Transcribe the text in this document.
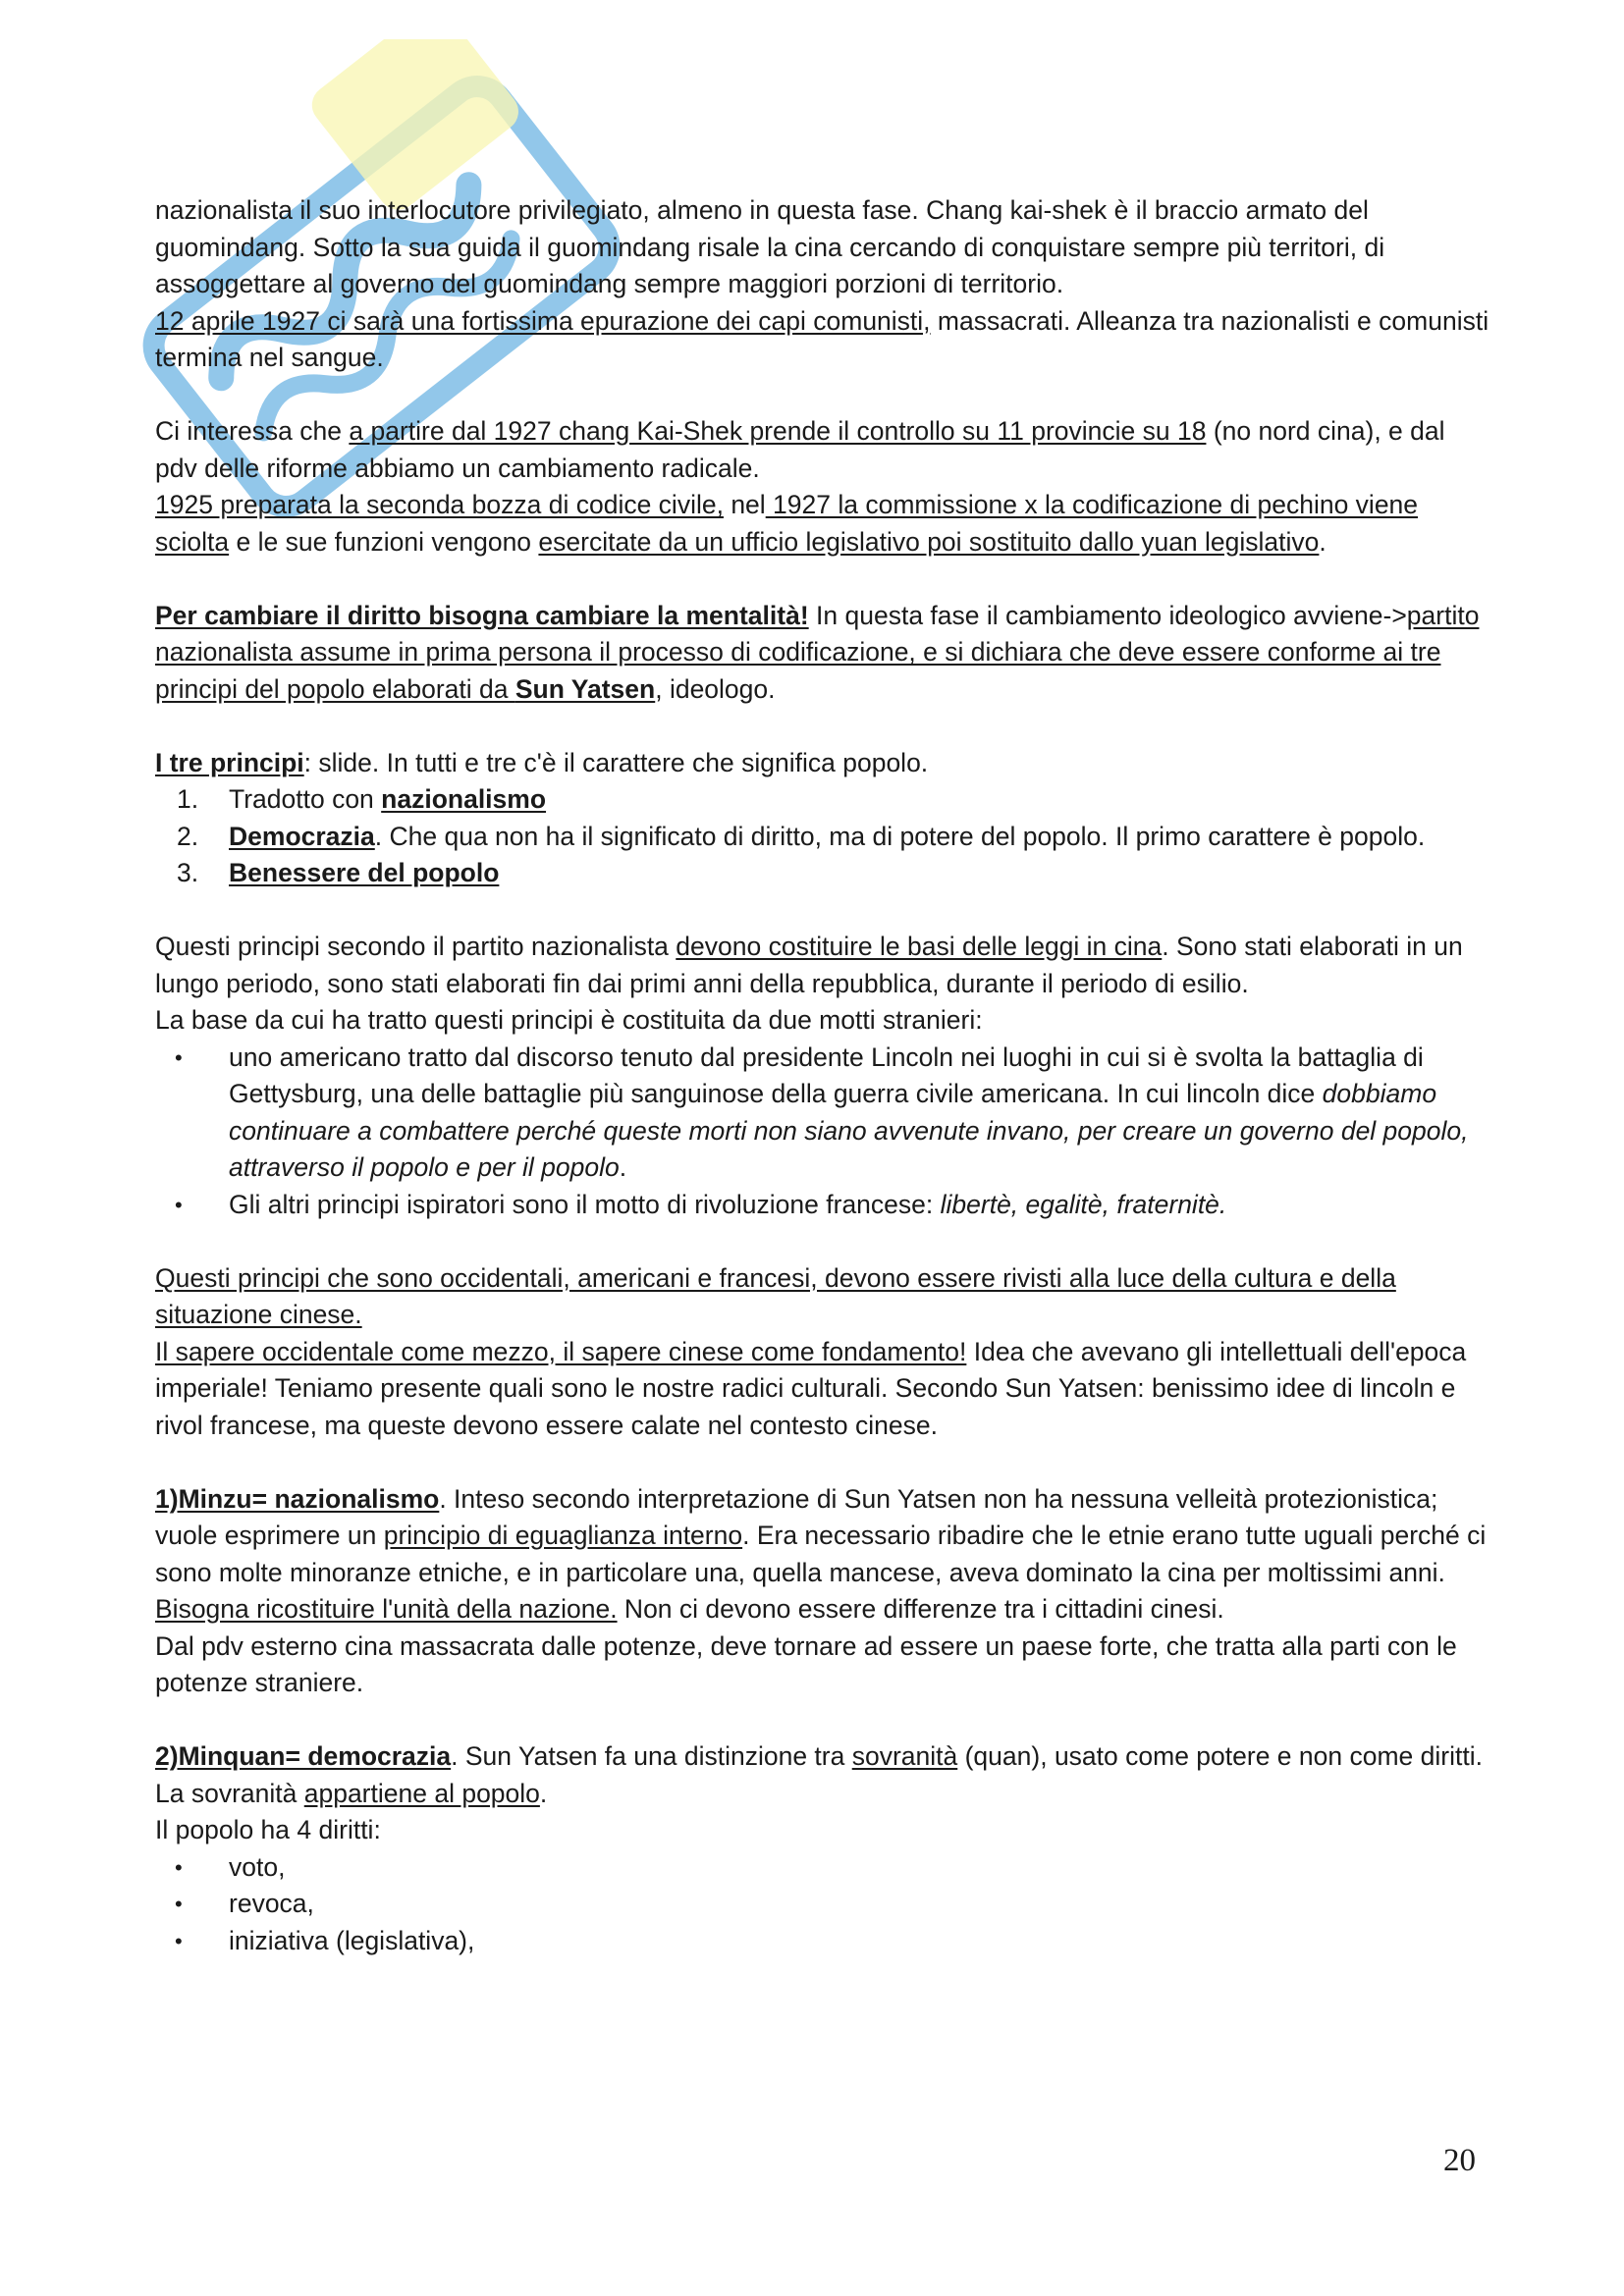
nazionalista il suo interlocutore privilegiato, almeno in questa fase. Chang kai-shek è il braccio armato del guomindang. Sotto la sua guida il guomindang risale la cina cercando di conquistare sempre più territori, di assoggettare al governo del guomindang sempre maggiori porzioni di territorio.

12 aprile 1927 ci sarà una fortissima epurazione dei capi comunisti, massacrati. Alleanza tra nazionalisti e comunisti termina nel sangue.

Ci interessa che a partire dal 1927 chang Kai-Shek prende il controllo su 11 provincie su 18 (no nord cina), e dal pdv delle riforme abbiamo un cambiamento radicale.

1925 preparata la seconda bozza di codice civile, nel 1927 la commissione x la codificazione di pechino viene sciolta e le sue funzioni vengono esercitate da un ufficio legislativo poi sostituito dallo yuan legislativo.

Per cambiare il diritto bisogna cambiare la mentalità! In questa fase il cambiamento ideologico avviene->partito nazionalista assume in prima persona il processo di codificazione, e si dichiara che deve essere conforme ai tre principi del popolo elaborati da Sun Yatsen, ideologo.

I tre principi: slide. In tutti e tre c'è il carattere che significa popolo.

1. Tradotto con nazionalismo
2. Democrazia. Che qua non ha il significato di diritto, ma di potere del popolo. Il primo carattere è popolo.
3. Benessere del popolo

Questi principi secondo il partito nazionalista devono costituire le basi delle leggi in cina. Sono stati elaborati in un lungo periodo, sono stati elaborati fin dai primi anni della repubblica, durante il periodo di esilio.

La base da cui ha tratto questi principi è costituita da due motti stranieri:

• uno americano tratto dal discorso tenuto dal presidente Lincoln nei luoghi in cui si è svolta la battaglia di Gettysburg, una delle battaglie più sanguinose della guerra civile americana. In cui lincoln dice dobbiamo continuare a combattere perché queste morti non siano avvenute invano, per creare un governo del popolo, attraverso il popolo e per il popolo.
• Gli altri principi ispiratori sono il motto di rivoluzione francese: libertè, egalitè, fraternitè.

Questi principi che sono occidentali, americani e francesi, devono essere rivisti alla luce della cultura e della situazione cinese.

Il sapere occidentale come mezzo, il sapere cinese come fondamento! Idea che avevano gli intellettuali dell'epoca imperiale! Teniamo presente quali sono le nostre radici culturali. Secondo Sun Yatsen: benissimo idee di lincoln e rivol francese, ma queste devono essere calate nel contesto cinese.

1)Minzu= nazionalismo. Inteso secondo interpretazione di Sun Yatsen non ha nessuna velleità protezionistica; vuole esprimere un principio di eguaglianza interno. Era necessario ribadire che le etnie erano tutte uguali perché ci sono molte minoranze etniche, e in particolare una, quella mancese, aveva dominato la cina per moltissimi anni. Bisogna ricostituire l'unità della nazione. Non ci devono essere differenze tra i cittadini cinesi.

Dal pdv esterno cina massacrata dalle potenze, deve tornare ad essere un paese forte, che tratta alla parti con le potenze straniere.

2)Minquan= democrazia. Sun Yatsen fa una distinzione tra sovranità (quan), usato come potere e non come diritti. La sovranità appartiene al popolo.

Il popolo ha 4 diritti:

• voto,
• revoca,
• iniziativa (legislativa),
20
